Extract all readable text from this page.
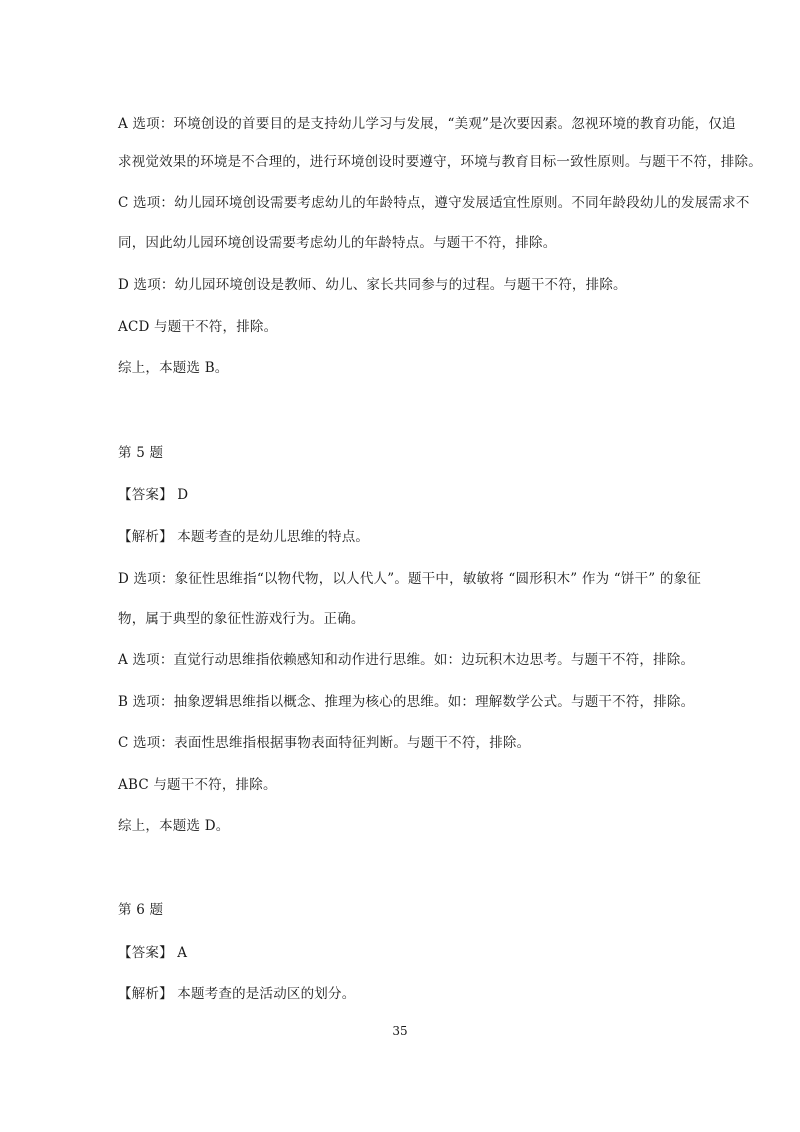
A 选项：环境创设的首要目的是支持幼儿学习与发展，“美观”是次要因素。忽视环境的教育功能，仅追
求视觉效果的环境是不合理的，进行环境创设时要遵守，环境与教育目标一致性原则。与题干不符，排除。
C 选项：幼儿园环境创设需要考虑幼儿的年龄特点，遵守发展适宜性原则。不同年龄段幼儿的发展需求不
同，因此幼儿园环境创设需要考虑幼儿的年龄特点。与题干不符，排除。
D 选项：幼儿园环境创设是教师、幼儿、家长共同参与的过程。与题干不符，排除。
ACD 与题干不符，排除。
综上，本题选 B。
第 5 题
【答案】 D
【解析】 本题考查的是幼儿思维的特点。
D 选项：象征性思维指“以物代物，以人代人”。题干中，敏敏将 “圆形积木” 作为 “饼干” 的象征
物，属于典型的象征性游戏行为。正确。
A 选项：直觉行动思维指依赖感知和动作进行思维。如：边玩积木边思考。与题干不符，排除。
B 选项：抽象逻辑思维指以概念、推理为核心的思维。如：理解数学公式。与题干不符，排除。
C 选项：表面性思维指根据事物表面特征判断。与题干不符，排除。
ABC 与题干不符，排除。
综上，本题选 D。
第 6 题
【答案】 A
【解析】 本题考查的是活动区的划分。
35
